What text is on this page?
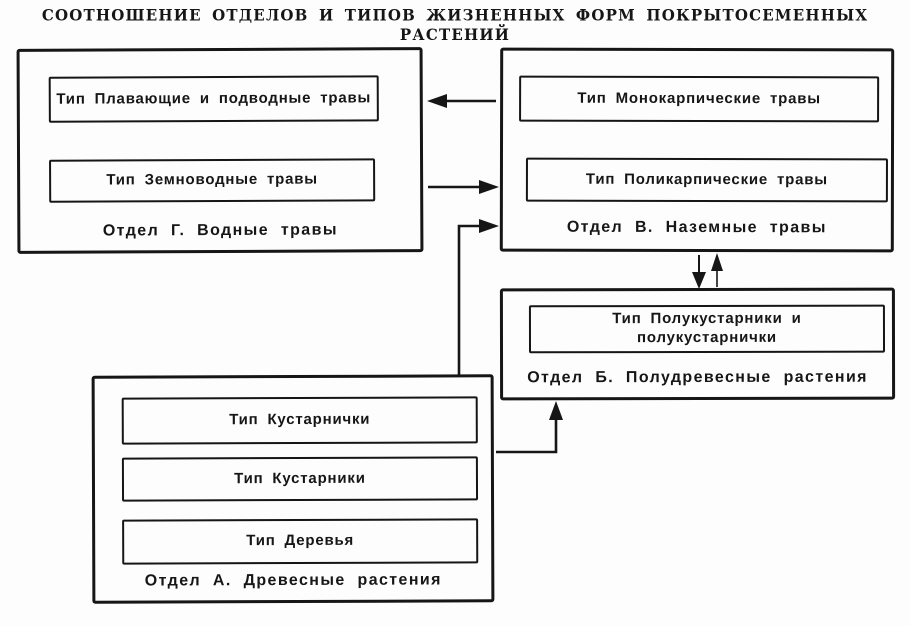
СООТНОШЕНИЕ ОТДЕЛОВ И ТИПОВ ЖИЗНЕННЫХ ФОРМ ПОКРЫТОСЕМЕННЫХ РАСТЕНИЙ
Тип Плавающие и подводные травы
Тип Земноводные травы
Отдел Г. Водные травы
Тип Монокарпические травы
Тип Поликарпические травы
Отдел В. Наземные травы
Тип Полукустарники и полукустарнички
Отдел Б. Полудревесные растения
Тип Кустарнички
Тип Кустарники
Тип Деревья
Отдел А. Древесные растения
